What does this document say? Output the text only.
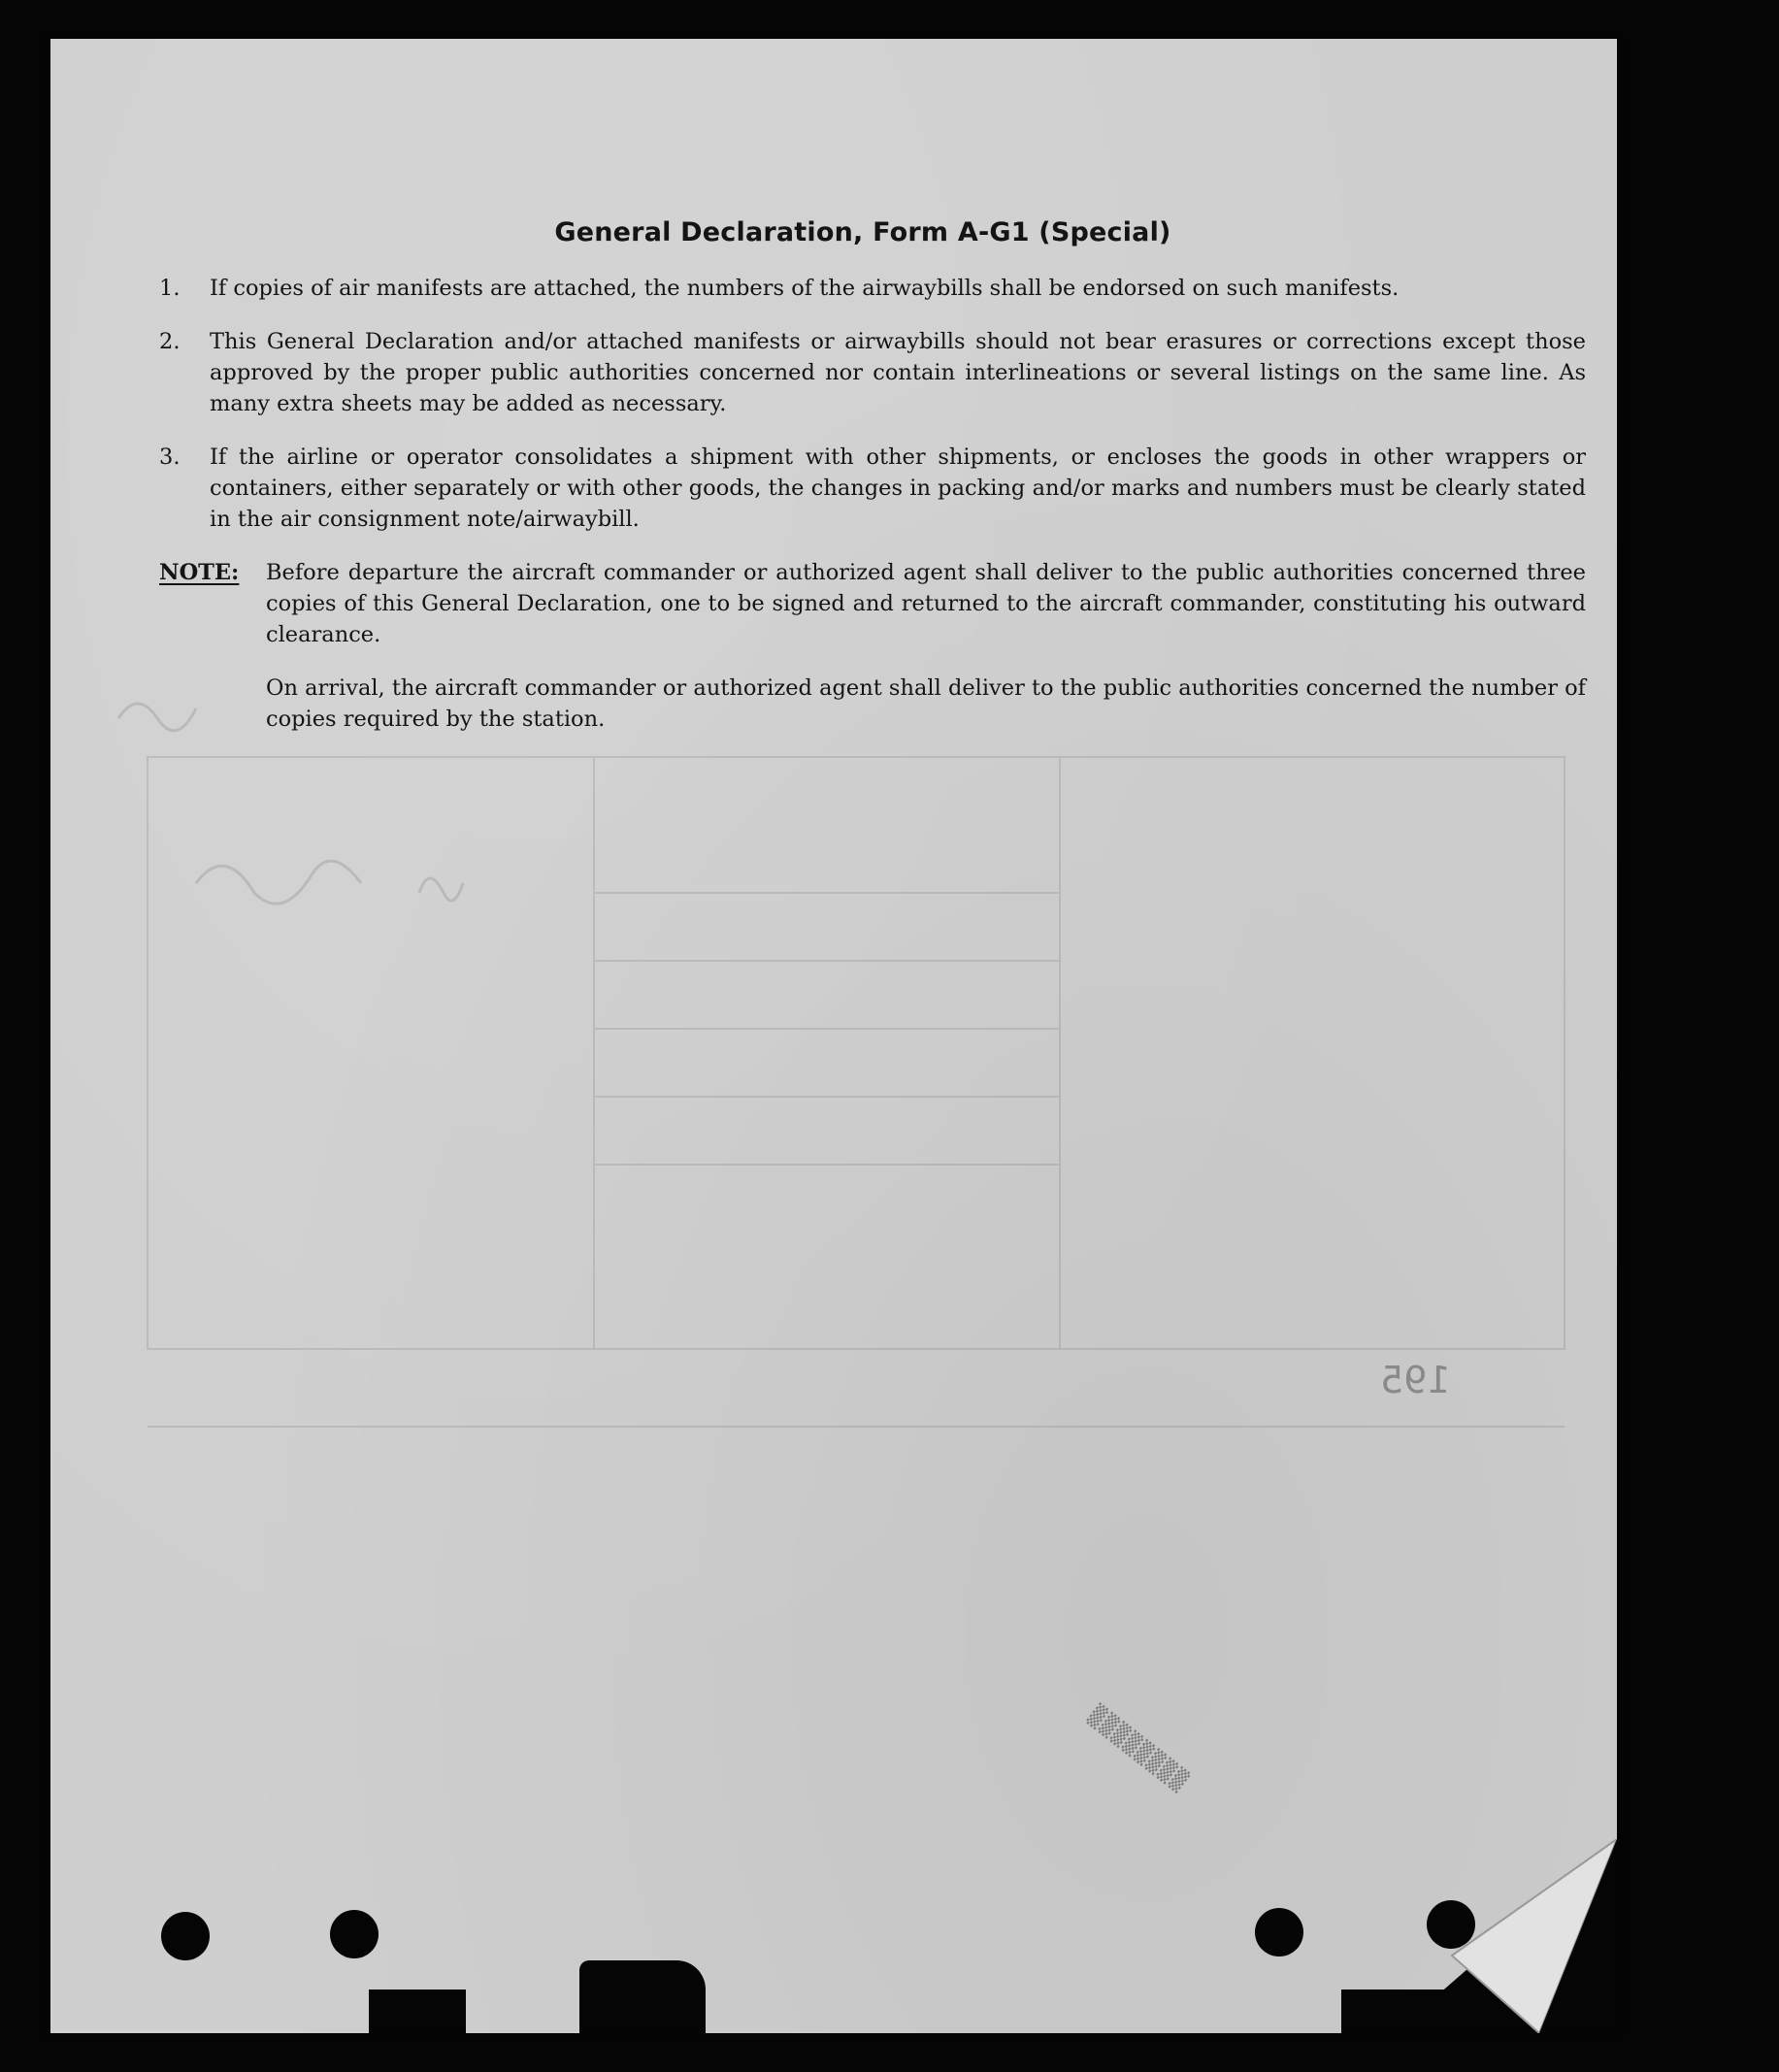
195
▒▒▒▒▒▒▒▒
General Declaration, Form A-G1 (Special)
1.	If copies of air manifests are attached, the numbers of the airwaybills shall be endorsed on such manifests.
2.	This General Declaration and/or attached manifests or airwaybills should not bear erasures or corrections except those approved by the proper public authorities concerned nor contain interlineations or several listings on the same line. As many extra sheets may be added as necessary.
3.	If the airline or operator consolidates a shipment with other shipments, or encloses the goods in other wrappers or containers, either separately or with other goods, the changes in packing and/or marks and numbers must be clearly stated in the air consignment note/airwaybill.
NOTE:	Before departure the aircraft commander or authorized agent shall deliver to the public authorities concerned three copies of this General Declaration, one to be signed and returned to the aircraft commander, constituting his outward clearance.
On arrival, the aircraft commander or authorized agent shall deliver to the public authorities concerned the number of copies required by the station.
